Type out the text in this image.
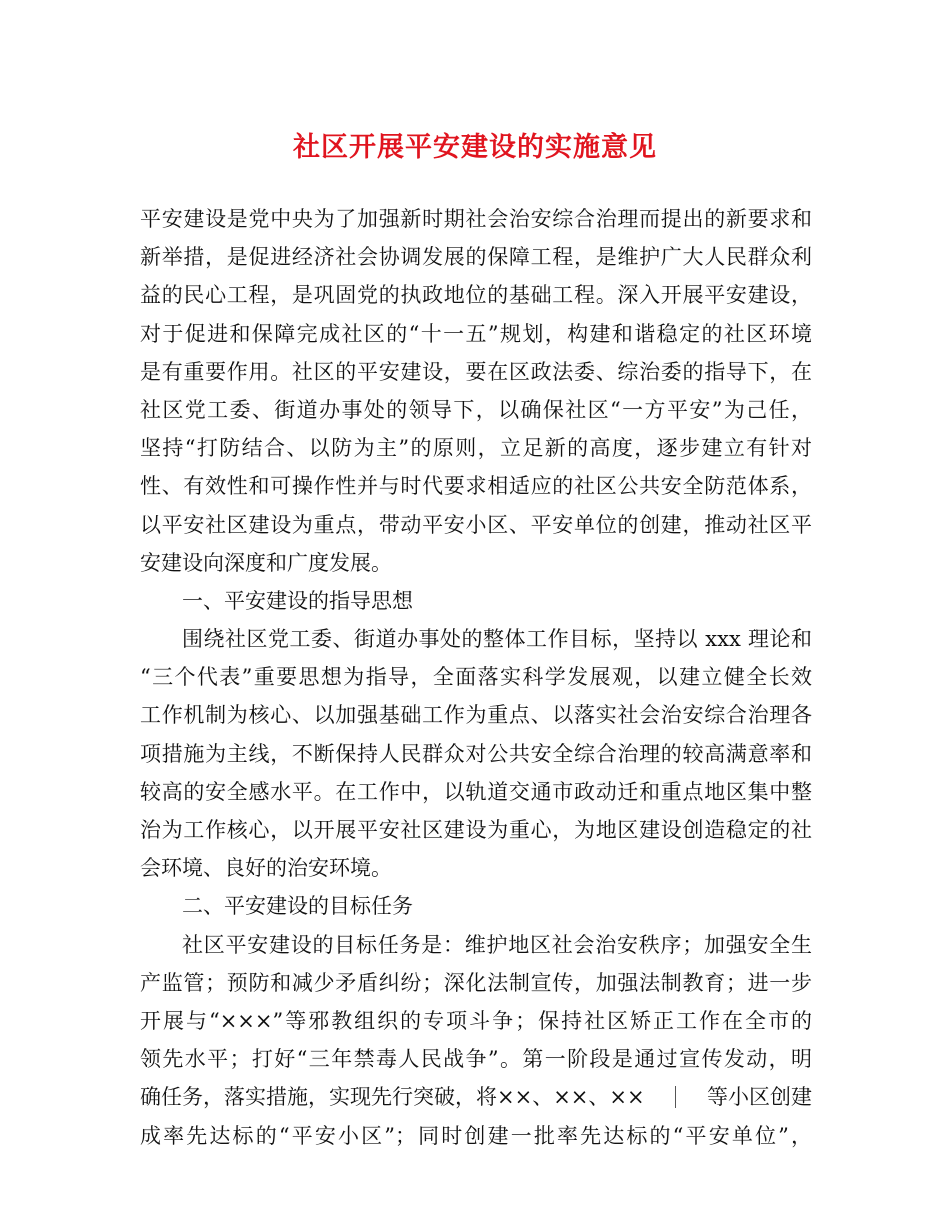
社区开展平安建设的实施意见
平安建设是党中央为了加强新时期社会治安综合治理而提出的新要求和
新举措，是促进经济社会协调发展的保障工程，是维护广大人民群众利
益的民心工程，是巩固党的执政地位的基础工程。深入开展平安建设，
对于促进和保障完成社区的“十一五”规划，构建和谐稳定的社区环境
是有重要作用。社区的平安建设，要在区政法委、综治委的指导下，在
社区党工委、街道办事处的领导下，以确保社区“一方平安”为己任，
坚持“打防结合、以防为主”的原则，立足新的高度，逐步建立有针对
性、有效性和可操作性并与时代要求相适应的社区公共安全防范体系，
以平安社区建设为重点，带动平安小区、平安单位的创建，推动社区平
安建设向深度和广度发展。
一、平安建设的指导思想
围绕社区党工委、街道办事处的整体工作目标，坚持以 xxx 理论和
“三个代表”重要思想为指导，全面落实科学发展观，以建立健全长效
工作机制为核心、以加强基础工作为重点、以落实社会治安综合治理各
项措施为主线，不断保持人民群众对公共安全综合治理的较高满意率和
较高的安全感水平。在工作中，以轨道交通市政动迁和重点地区集中整
治为工作核心，以开展平安社区建设为重心，为地区建设创造稳定的社
会环境、良好的治安环境。
二、平安建设的目标任务
社区平安建设的目标任务是：维护地区社会治安秩序；加强安全生
产监管；预防和减少矛盾纠纷；深化法制宣传，加强法制教育；进一步
开展与“×××”等邪教组织的专项斗争；保持社区矫正工作在全市的
领先水平；打好“三年禁毒人民战争”。第一阶段是通过宣传发动，明
确任务，落实措施，实现先行突破，将××、××、××	等小区创建
成率先达标的“平安小区”；同时创建一批率先达标的“平安单位”，
